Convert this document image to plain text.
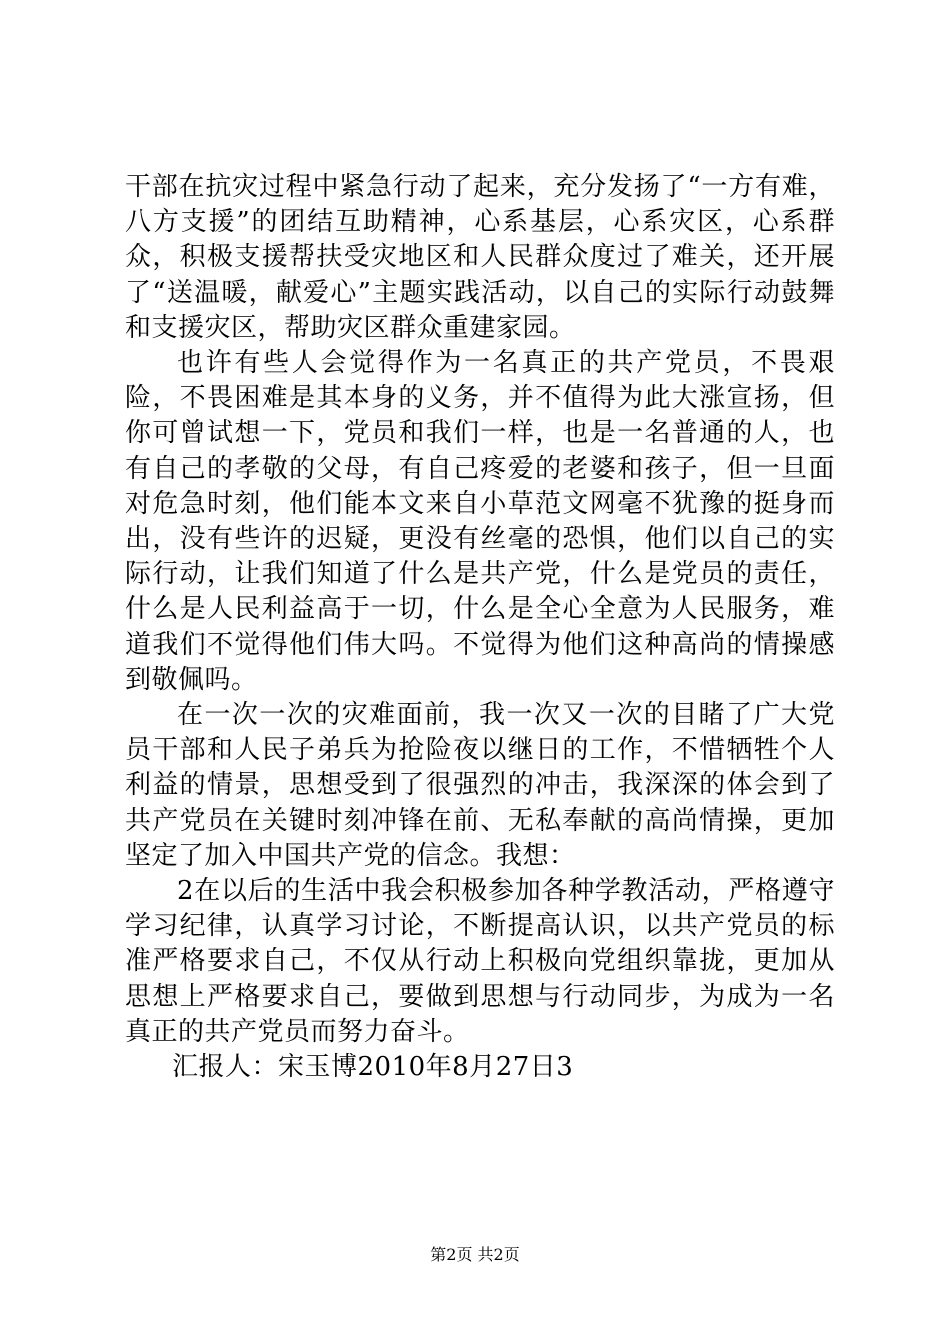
干部在抗灾过程中紧急行动了起来，充分发扬了“一方有难，八方支援”的团结互助精神，心系基层，心系灾区，心系群众，积极支援帮扶受灾地区和人民群众度过了难关，还开展了“送温暖，献爱心”主题实践活动，以自己的实际行动鼓舞和支援灾区，帮助灾区群众重建家园。

也许有些人会觉得作为一名真正的共产党员，不畏艰险，不畏困难是其本身的义务，并不值得为此大涨宣扬，但你可曾试想一下，党员和我们一样，也是一名普通的人，也有自己的孝敬的父母，有自己疼爱的老婆和孩子，但一旦面对危急时刻，他们能本文来自小草范文网毫不犹豫的挺身而出，没有些许的迟疑，更没有丝毫的恐惧，他们以自己的实际行动，让我们知道了什么是共产党，什么是党员的责任，什么是人民利益高于一切，什么是全心全意为人民服务，难道我们不觉得他们伟大吗。不觉得为他们这种高尚的情操感到敬佩吗。

在一次一次的灾难面前，我一次又一次的目睹了广大党员干部和人民子弟兵为抢险夜以继日的工作，不惜牺牲个人利益的情景，思想受到了很强烈的冲击，我深深的体会到了共产党员在关键时刻冲锋在前、无私奉献的高尚情操，更加坚定了加入中国共产党的信念。我想：

2在以后的生活中我会积极参加各种学教活动，严格遵守学习纪律，认真学习讨论，不断提高认识，以共产党员的标准严格要求自己，不仅从行动上积极向党组织靠拢，更加从思想上严格要求自己，要做到思想与行动同步，为成为一名真正的共产党员而努力奋斗。

汇报人：宋玉博2010年8月27日3

第2页 共2页
